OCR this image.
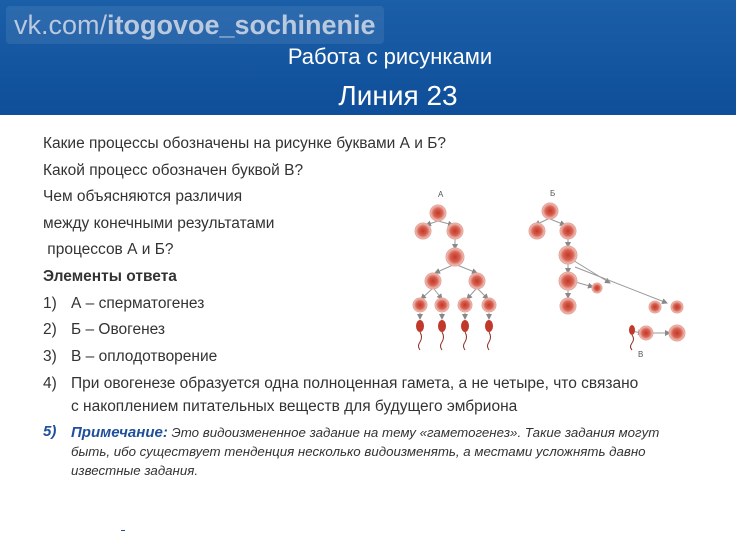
vk.com/itogovoe_sochinenie
Работа с рисунками
Линия 23
Какие процессы обозначены на рисунке буквами А и Б?
Какой процесс обозначен буквой В?
Чем объясняются различия
между конечными результатами
процессов А и Б?
Элементы ответа
1) А – сперматогенез
2) Б – Овогенез
3) В – оплодотворение
4) При овогенезе образуется одна полноценная гамета, а не четыре, что связано
с накоплением питательных веществ для будущего эмбриона
5) Примечание: Это видоизмененное задание на тему «гаметогенез». Такие задания могут быть, ибо существует тенденция несколько видоизменять, а местами усложнять давно известные задания.
А	Б
В
